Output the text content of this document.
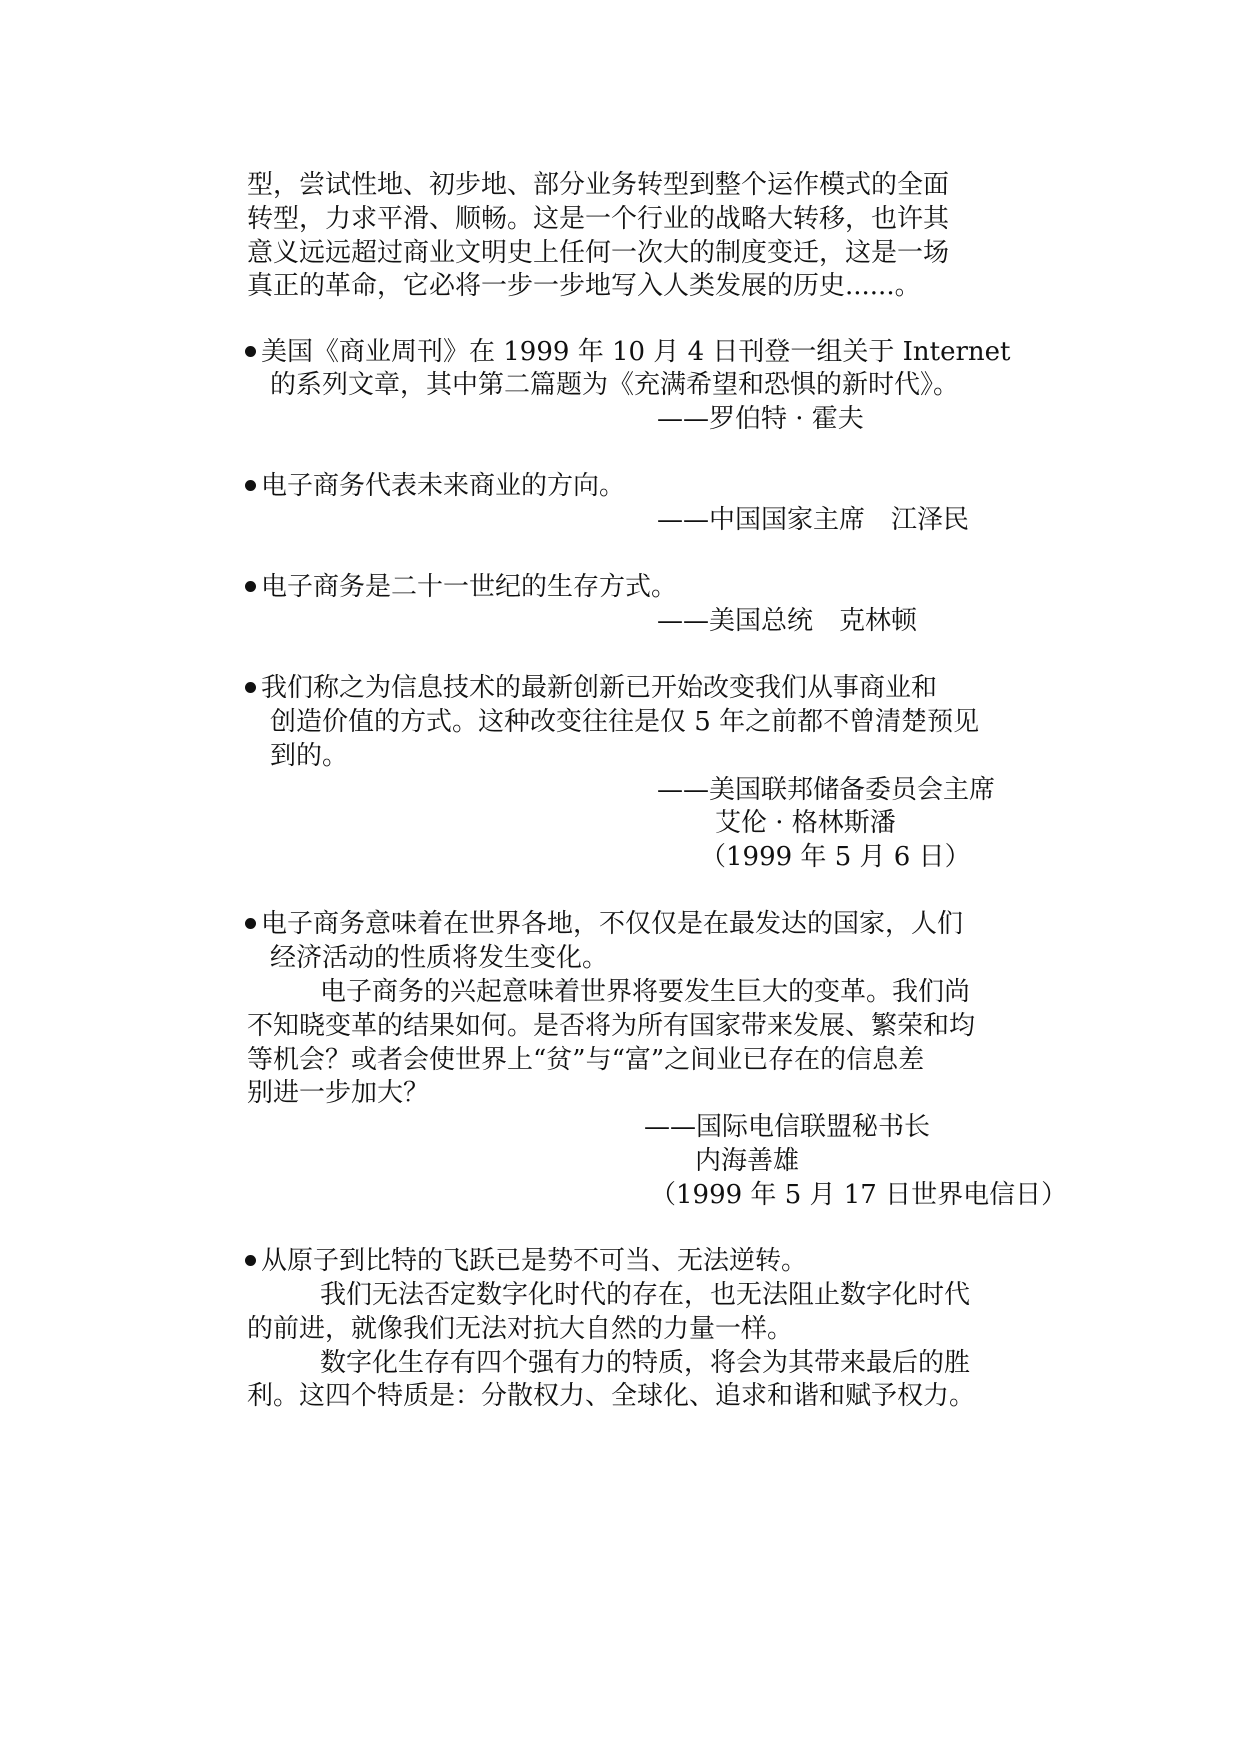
型，尝试性地、初步地、部分业务转型到整个运作模式的全面
转型，力求平滑、顺畅。这是一个行业的战略大转移，也许其
意义远远超过商业文明史上任何一次大的制度变迁，这是一场
真正的革命，它必将一步一步地写入人类发展的历史......。
美国《商业周刊》在 1999 年 10 月 4 日刊登一组关于 Internet
的系列文章，其中第二篇题为《充满希望和恐惧的新时代》。
——罗伯特 · 霍夫
电子商务代表未来商业的方向。
——中国国家主席　江泽民
电子商务是二十一世纪的生存方式。
——美国总统　克林顿
我们称之为信息技术的最新创新已开始改变我们从事商业和
创造价值的方式。这种改变往往是仅 5 年之前都不曾清楚预见
到的。
——美国联邦储备委员会主席
艾伦 · 格林斯潘
（1999 年 5 月 6 日）
电子商务意味着在世界各地，不仅仅是在最发达的国家，人们
经济活动的性质将发生变化。
电子商务的兴起意味着世界将要发生巨大的变革。我们尚
不知晓变革的结果如何。是否将为所有国家带来发展、繁荣和均
等机会？或者会使世界上“贫”与“富”之间业已存在的信息差
别进一步加大？
——国际电信联盟秘书长
内海善雄
（1999 年 5 月 17 日世界电信日）
从原子到比特的飞跃已是势不可当、无法逆转。
我们无法否定数字化时代的存在，也无法阻止数字化时代
的前进，就像我们无法对抗大自然的力量一样。
数字化生存有四个强有力的特质，将会为其带来最后的胜
利。这四个特质是：分散权力、全球化、追求和谐和赋予权力。
